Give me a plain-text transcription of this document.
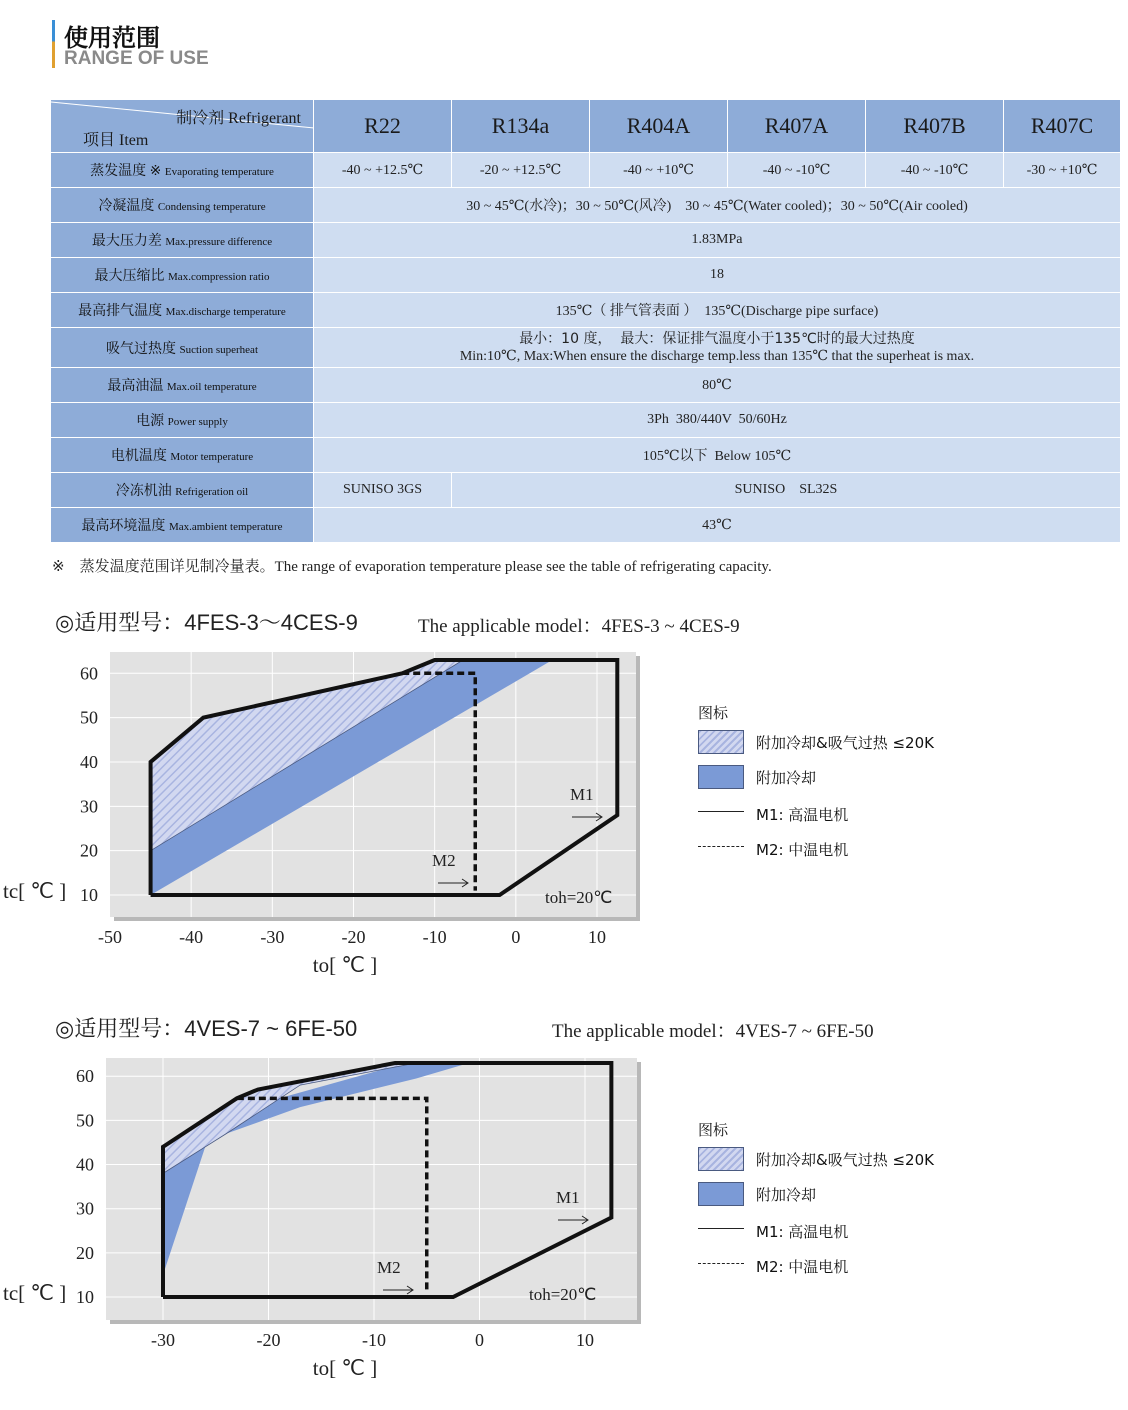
使用范围
RANGE OF USE
制冷剂 Refrigerant
项目 Item	R22	R134a	R404A	R407A	R407B	R407C
蒸发温度 ※ Evaporating temperature	-40 ~ +12.5℃	-20 ~ +12.5℃	-40 ~ +10℃	-40 ~ -10℃	-40 ~ -10℃	-30 ~ +10℃
冷凝温度 Condensing temperature	30 ~ 45℃(水冷)；30 ~ 50℃(风冷)    30 ~ 45℃(Water cooled)；30 ~ 50℃(Air cooled)					
最大压力差 Max.pressure difference	1.83MPa					
最大压缩比 Max.compression ratio	18					
最高排气温度 Max.discharge temperature	135℃（ 排气管表面 ）  135℃(Discharge pipe surface)					
吸气过热度 Suction superheat	最小：10 度，  最大：保证排气温度小于135℃时的最大过热度
Min:10℃, Max:When ensure the discharge temp.less than 135℃ that the superheat is max.					

最高油温 Max.oil temperature	80℃					
电源 Power supply	3Ph  380/440V  50/60Hz					
电机温度 Motor temperature	105℃以下  Below 105℃					
冷冻机油 Refrigeration oil	SUNISO 3GS	SUNISO    SL32S				
最高环境温度 Max.ambient temperature	43℃					
※ 蒸发温度范围详见制冷量表。The range of evaporation temperature please see the table of refrigerating capacity.
◎适用型号：4FES-3～4CES-9	The applicable model：4FES-3 ~ 4CES-9
10
20
30
40
50
60
-50	-40	-30	-20	-10	0	10
to[ ℃ ]
tc[ ℃ ]
M1
M2
toh=20℃
图标
附加冷却&吸气过热 ≤20K
附加冷却
M1: 高温电机
M2: 中温电机
◎适用型号：4VES-7 ~ 6FE-50	The applicable model：4VES-7 ~ 6FE-50
10
20
30
40
50
60
-30	-20	-10	0	10
to[ ℃ ]
tc[ ℃ ]
M1
M2
toh=20℃
图标
附加冷却&吸气过热 ≤20K
附加冷却
M1: 高温电机
M2: 中温电机
